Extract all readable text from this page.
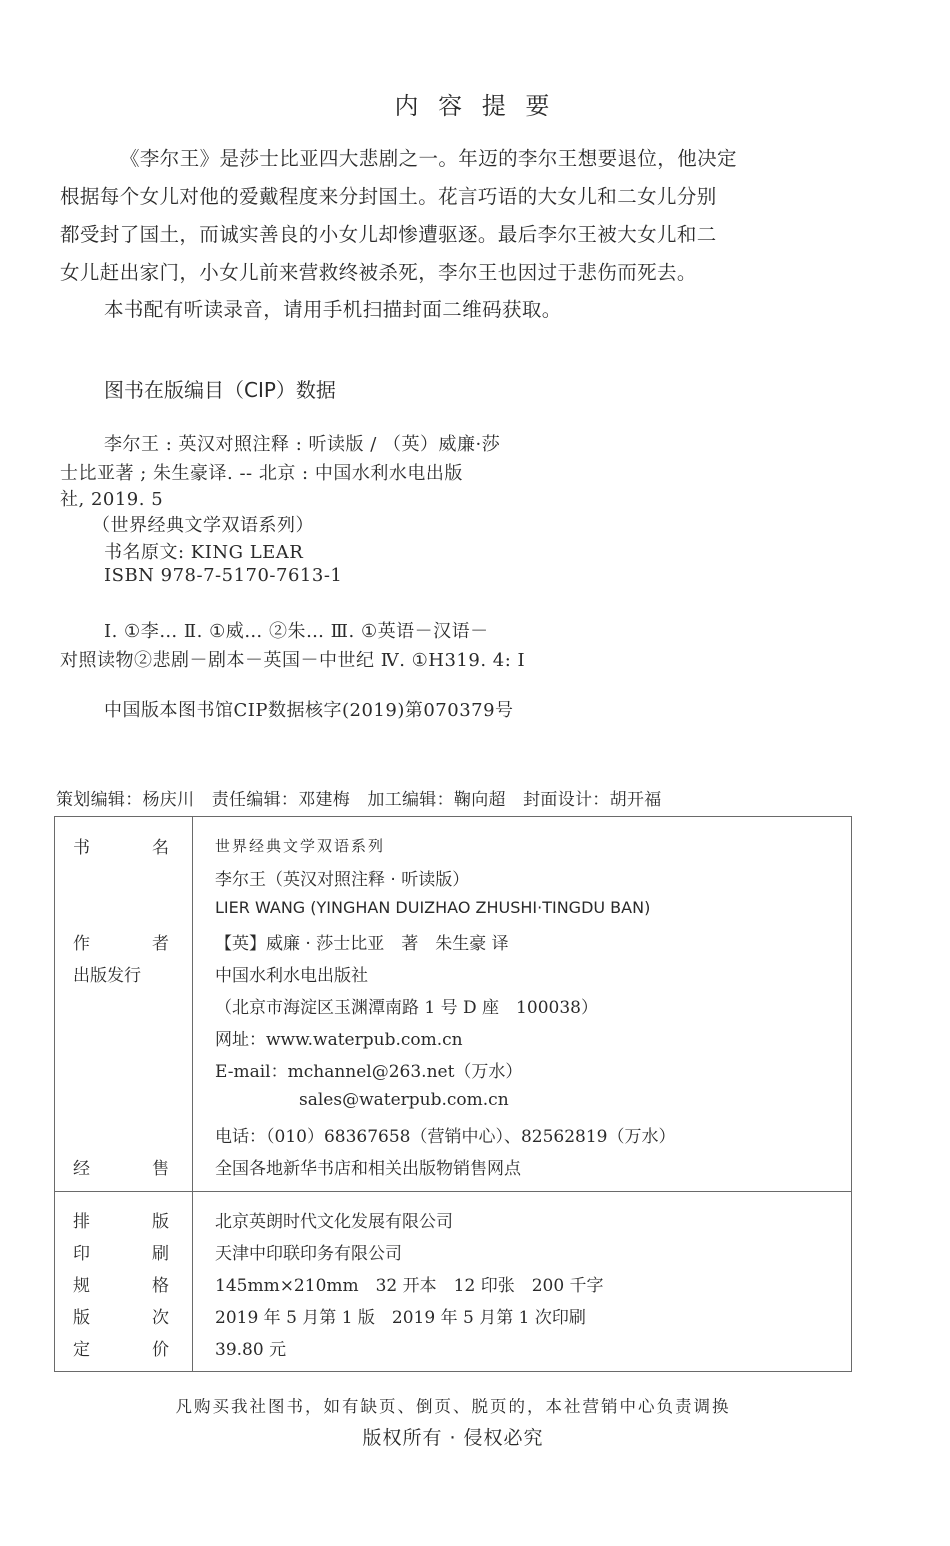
内 容 提 要
《李尔王》是莎士比亚四大悲剧之一。年迈的李尔王想要退位，他决定
根据每个女儿对他的爱戴程度来分封国土。花言巧语的大女儿和二女儿分别
都受封了国土，而诚实善良的小女儿却惨遭驱逐。最后李尔王被大女儿和二
女儿赶出家门，小女儿前来营救终被杀死，李尔王也因过于悲伤而死去。
本书配有听读录音，请用手机扫描封面二维码获取。
图书在版编目（CIP）数据
李尔王 : 英汉对照注释 : 听读版 / （英）威廉·莎
士比亚著 ; 朱生豪译. -- 北京 : 中国水利水电出版
社, 2019. 5
（世界经典文学双语系列）
书名原文: KING LEAR
ISBN 978-7-5170-7613-1
Ⅰ. ①李… Ⅱ. ①威… ②朱… Ⅲ. ①英语－汉语－
对照读物②悲剧－剧本－英国－中世纪 Ⅳ. ①H319. 4: I
中国版本图书馆CIP数据核字(2019)第070379号
策划编辑：杨庆川　责任编辑：邓建梅　加工编辑：鞠向超　封面设计：胡开福
书	名	世界经典文学双语系列
李尔王（英汉对照注释 · 听读版）
LIER WANG (YINGHAN DUIZHAO ZHUSHI·TINGDU BAN)
作	者	【英】威廉 · 莎士比亚　著　朱生豪 译
出版发行	中国水利水电出版社
（北京市海淀区玉渊潭南路 1 号 D 座　100038）
网址：www.waterpub.com.cn
E-mail：mchannel@263.net（万水）
sales@waterpub.com.cn
电话：（010）68367658（营销中心）、82562819（万水）
经	售	全国各地新华书店和相关出版物销售网点
排	版	北京英朗时代文化发展有限公司
印	刷	天津中印联印务有限公司
规	格	145mm×210mm　32 开本　12 印张　200 千字
版	次	2019 年 5 月第 1 版　2019 年 5 月第 1 次印刷
定	价	39.80 元
凡购买我社图书，如有缺页、倒页、脱页的，本社营销中心负责调换
版权所有 · 侵权必究
